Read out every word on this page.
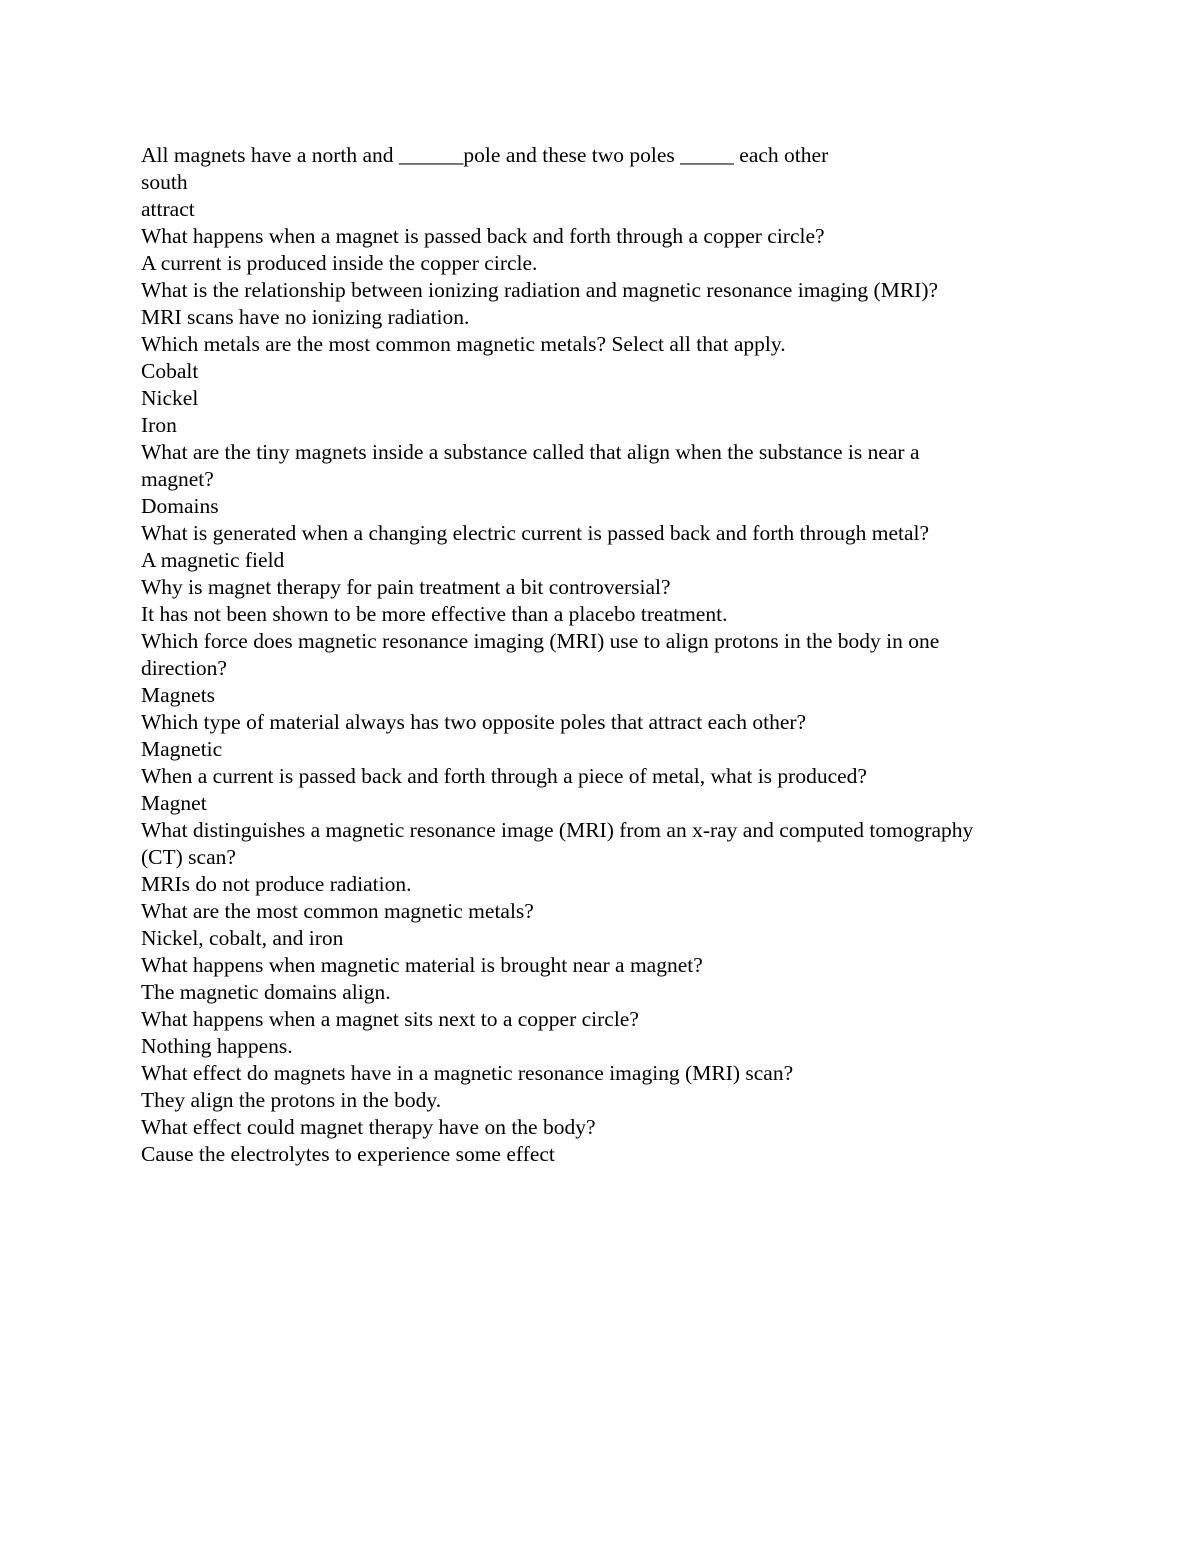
All magnets have a north and ______pole and these two poles _____ each other
south
attract
What happens when a magnet is passed back and forth through a copper circle?
A current is produced inside the copper circle.
What is the relationship between ionizing radiation and magnetic resonance imaging (MRI)?
MRI scans have no ionizing radiation.
Which metals are the most common magnetic metals? Select all that apply.
Cobalt
Nickel
Iron
What are the tiny magnets inside a substance called that align when the substance is near a
magnet?
Domains
What is generated when a changing electric current is passed back and forth through metal?
A magnetic field
Why is magnet therapy for pain treatment a bit controversial?
It has not been shown to be more effective than a placebo treatment.
Which force does magnetic resonance imaging (MRI) use to align protons in the body in one
direction?
Magnets
Which type of material always has two opposite poles that attract each other?
Magnetic
When a current is passed back and forth through a piece of metal, what is produced?
Magnet
What distinguishes a magnetic resonance image (MRI) from an x-ray and computed tomography
(CT) scan?
MRIs do not produce radiation.
What are the most common magnetic metals?
Nickel, cobalt, and iron
What happens when magnetic material is brought near a magnet?
The magnetic domains align.
What happens when a magnet sits next to a copper circle?
Nothing happens.
What effect do magnets have in a magnetic resonance imaging (MRI) scan?
They align the protons in the body.
What effect could magnet therapy have on the body?
Cause the electrolytes to experience some effect
